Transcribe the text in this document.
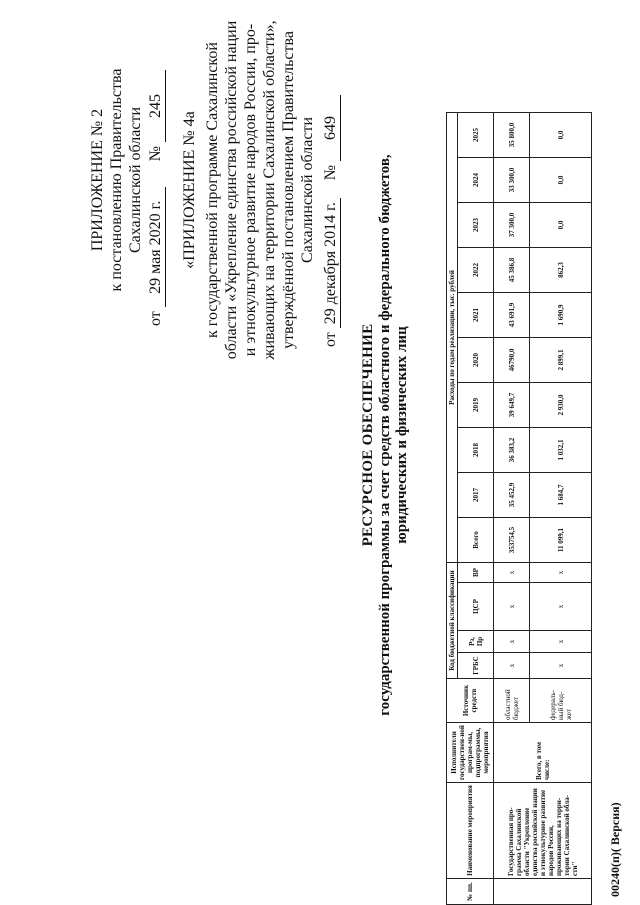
ПРИЛОЖЕНИЕ № 2 к постановлению Правительства Сахалинской области
от 29 мая 2020 г. № 245
«ПРИЛОЖЕНИЕ № 4а к государственной программе Сахалинской области «Укрепление единства российской нации и этнокультурное развитие народов России, про- живающих на территории Сахалинской области», утверждённой постановлением Правительства Сахалинской области
от 29 декабря 2014 г. № 649
РЕСУРСНОЕ ОБЕСПЕЧЕНИЕ государственной программы за счет средств областного и федерального бюджетов, юридических и физических лиц
№ пп.	Наименование мероприятия	Исполнители государствен-ной програм-мы, подпрограммы, мероприятия	Источник средств	Код бюджетной классификации				Расходы по годам реализации, тыс. рублей									
				ГРБС	Рз, Пр	ЦСР	ВР	Всего	2017	2018	2019	2020	2021	2022	2023	2024	2025
	Государственная про-грамма Сахалинской области "Укрепление единства российской нации и этнокультурное развитие народов России, проживающих на терри-тории Сахалинской обла-сти"	Всего, в том числе:	областной бюджет	x	x	x	x	353754,5	35 452,9	36 383,2	39 649,7	46790,0	43 691,9	45 386,8	37 300,0	33 300,0	35 800,0
			федераль-ный бюд-жет	x	x	x	x	11 099,1	1 684,7	1 032,1	2 930,0	2 899,1	1 690,9	862,3	0,0	0,0	0,0
00240(п)( Версия)
